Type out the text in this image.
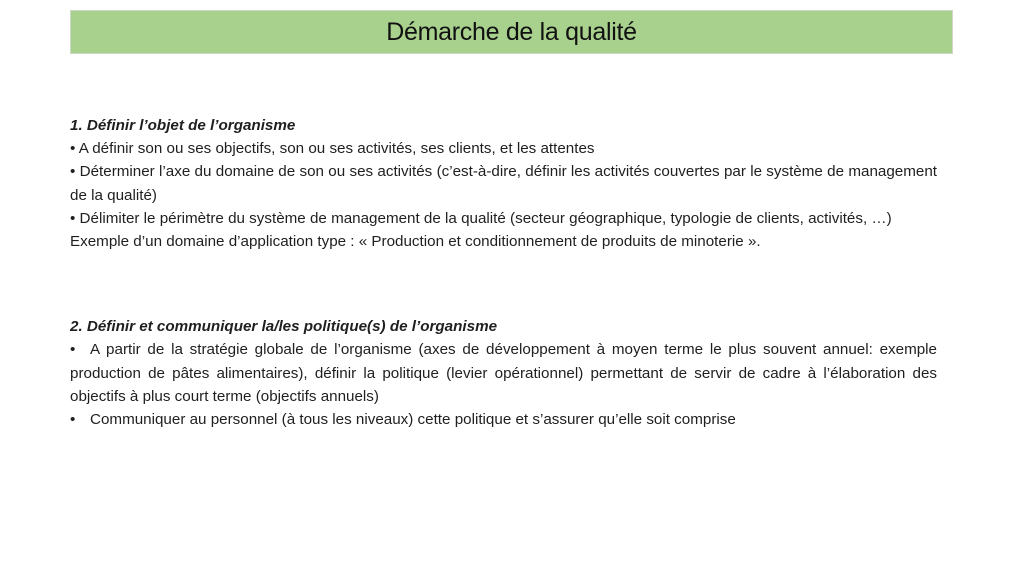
Démarche de la qualité

1. Définir l’objet de l’organisme

• A définir son ou ses objectifs, son ou ses activités, ses clients, et les attentes

• Déterminer l’axe du domaine de son ou ses activités (c’est-à-dire, définir les activités couvertes par le système de management de la qualité)

• Délimiter le périmètre du système de management de la qualité (secteur géographique, typologie de clients, activités, …)

Exemple d’un domaine d’application type : « Production et conditionnement de produits de minoterie ».

2. Définir et communiquer la/les politique(s) de l’organisme

• A partir de la stratégie globale de l’organisme (axes de développement à moyen terme le plus souvent annuel: exemple production de pâtes alimentaires), définir la politique (levier opérationnel) permettant de servir de cadre à l’élaboration des objectifs à plus court terme (objectifs annuels)

• Communiquer au personnel (à tous les niveaux) cette politique et s’assurer qu’elle soit comprise
